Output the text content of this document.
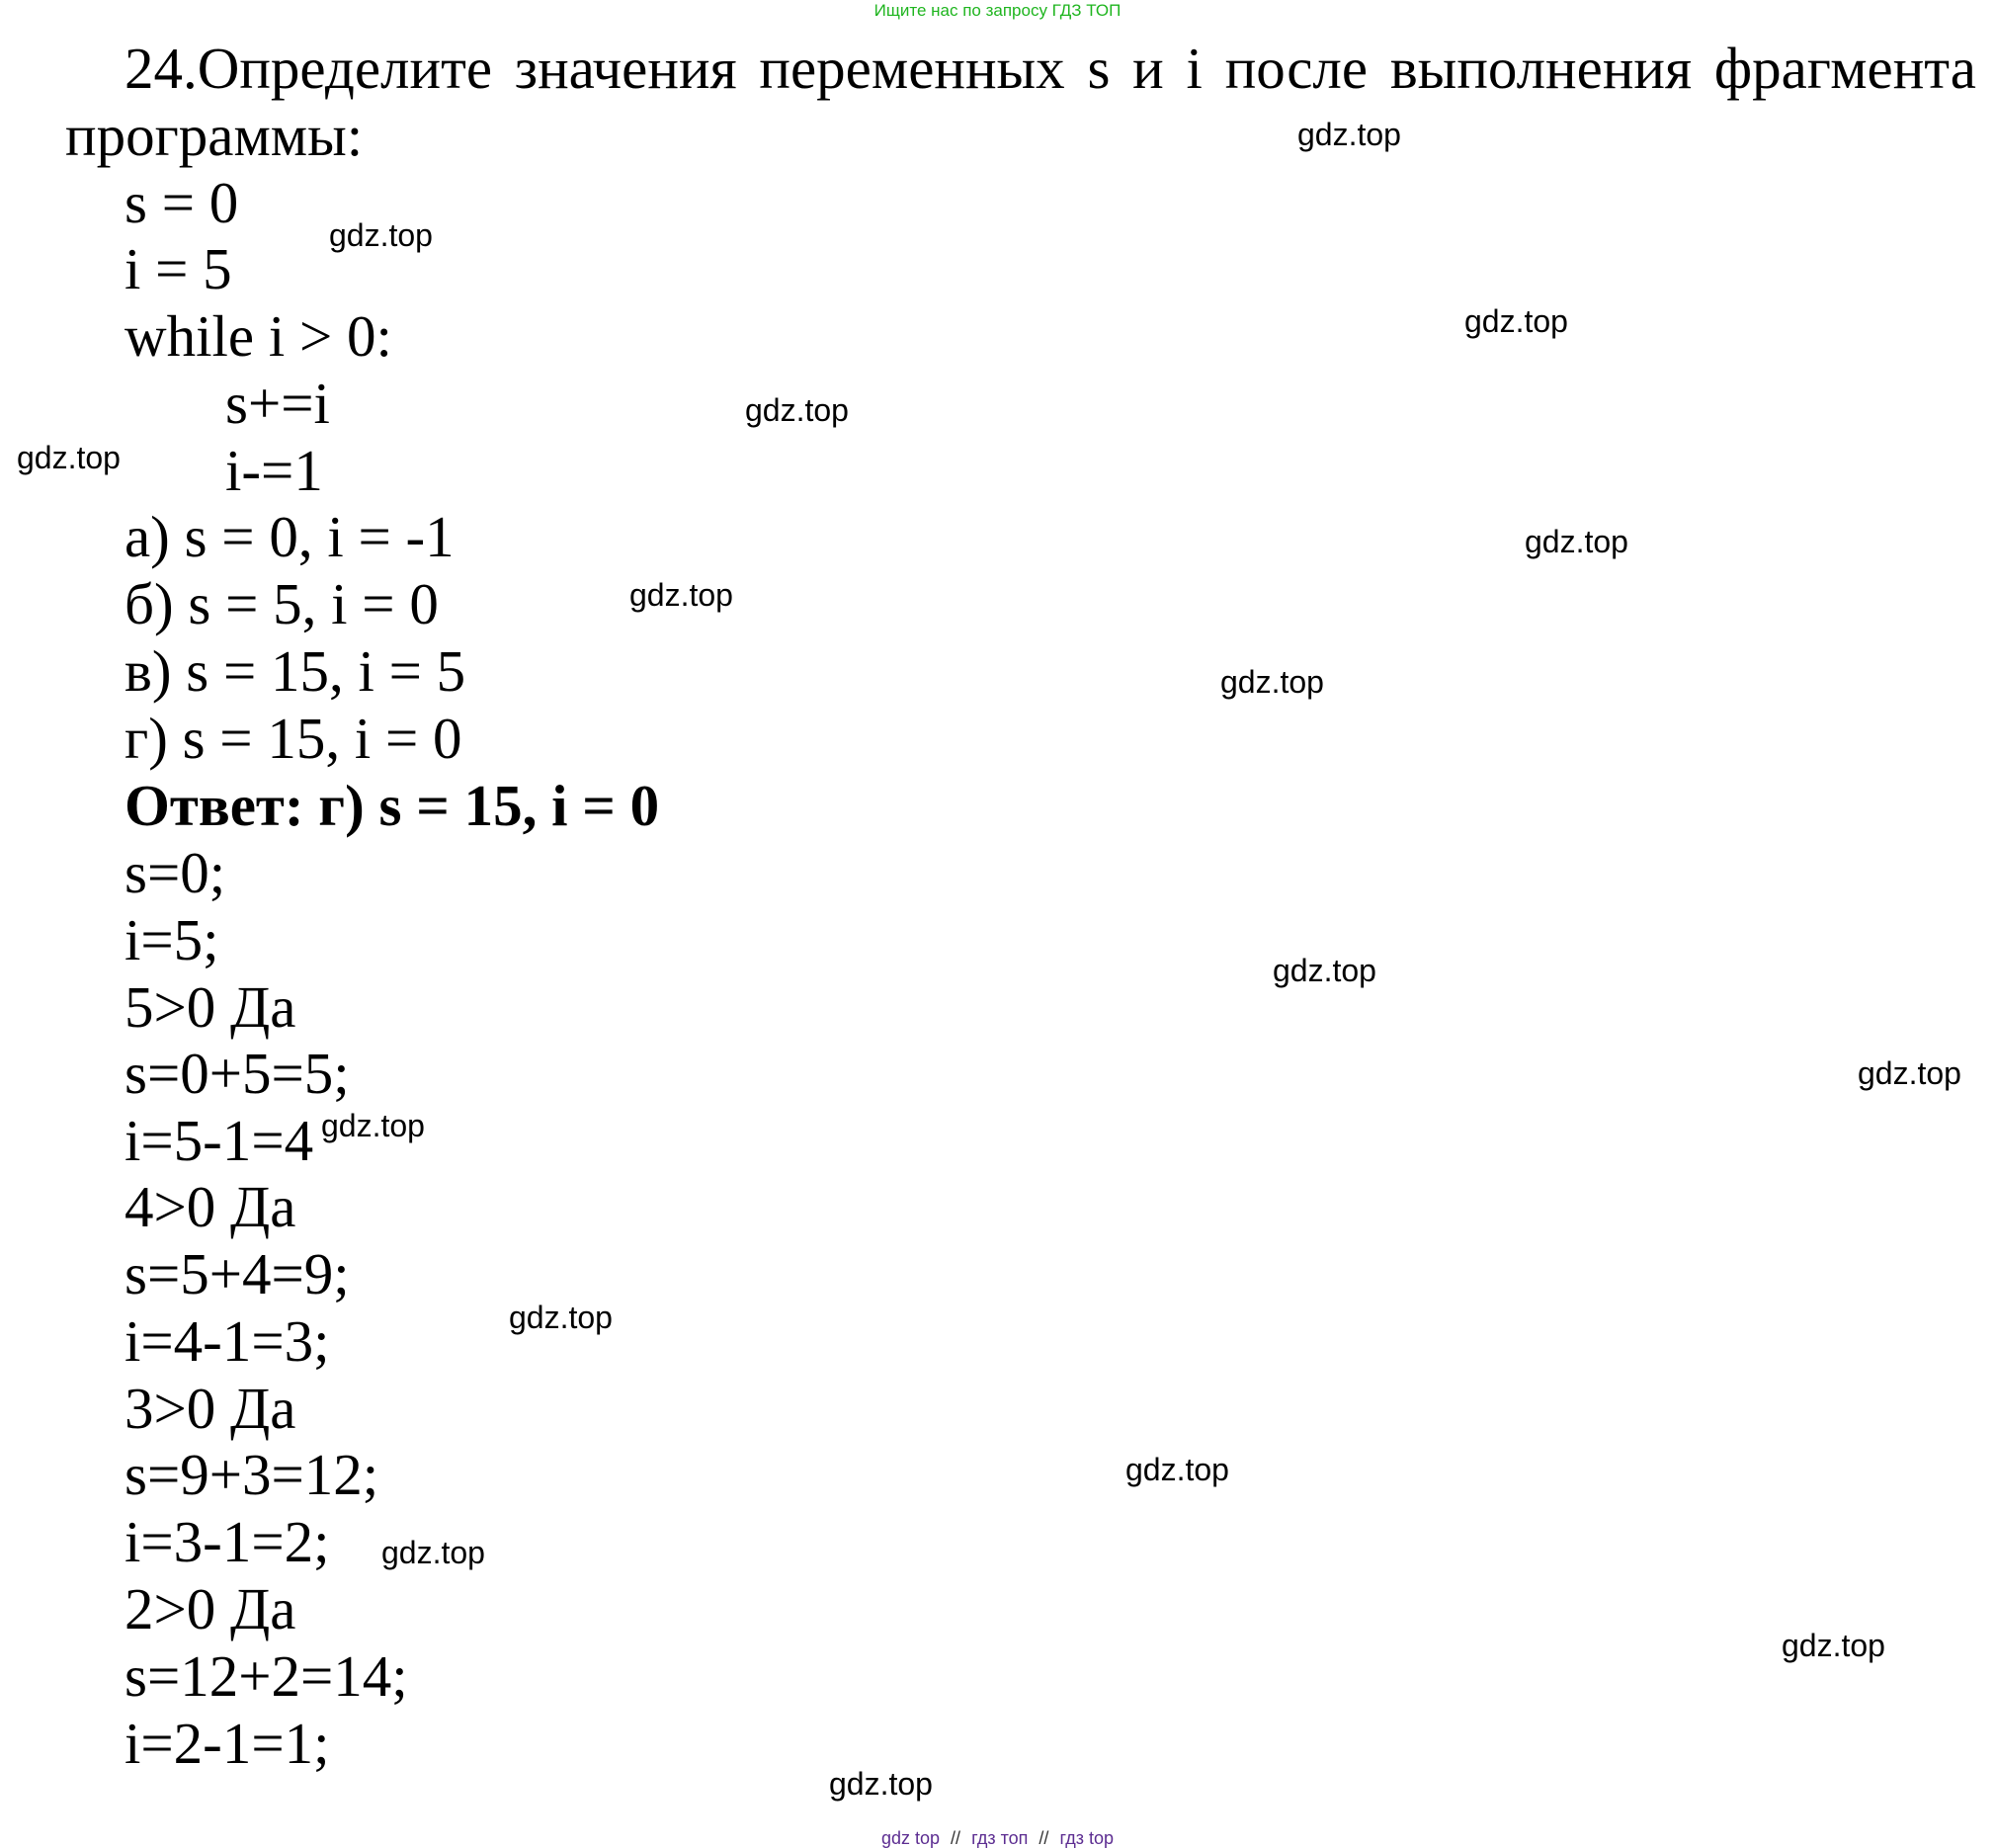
Ищите нас по запросу ГДЗ ТОП
24.Определите значения переменных s и i после выполнения фрагмента
программы:
s = 0
i = 5
while i > 0:
s+=i
i-=1
а) s = 0, i = -1
б) s = 5, i = 0
в) s = 15, i = 5
г) s = 15, i = 0
Ответ: г) s = 15, i = 0
s=0;
i=5;
5>0 Да
s=0+5=5;
i=5-1=4
4>0 Да
s=5+4=9;
i=4-1=3;
3>0 Да
s=9+3=12;
i=3-1=2;
2>0 Да
s=12+2=14;
i=2-1=1;
gdz.top
gdz.top
gdz.top
gdz.top
gdz.top
gdz.top
gdz.top
gdz.top
gdz.top
gdz.top
gdz.top
gdz.top
gdz.top
gdz.top
gdz.top
gdz.top
gdz top // гдз топ // гдз top
